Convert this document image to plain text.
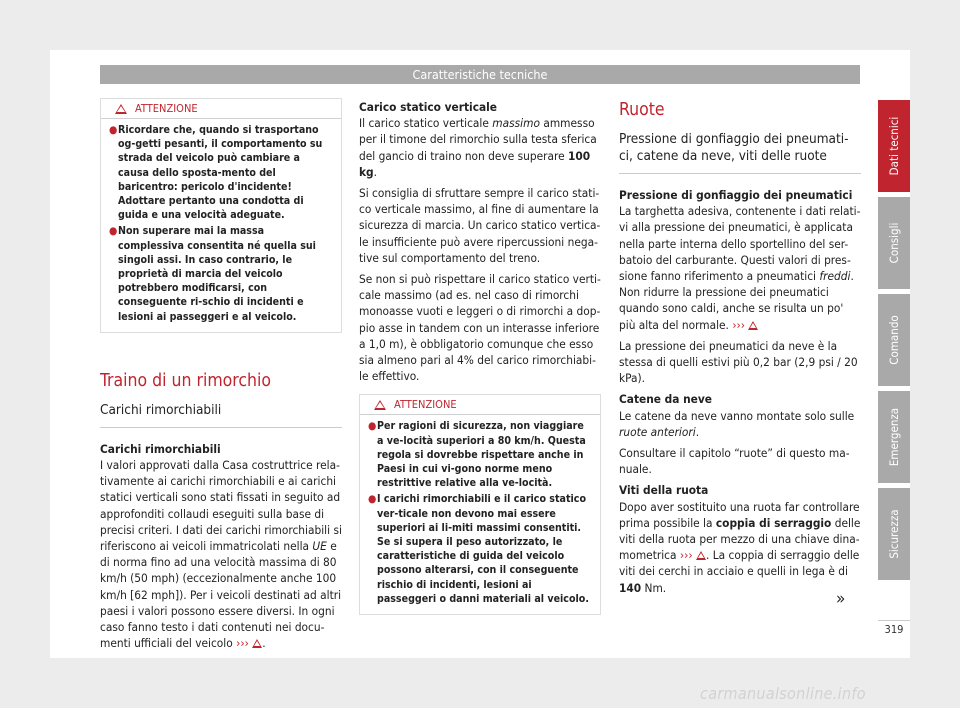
Caratteristiche tecniche
ATTENZIONE
● Ricordare che, quando si trasportano og-getti pesanti, il comportamento su strada del veicolo può cambiare a causa dello sposta-mento del baricentro: pericolo d'incidente! Adottare pertanto una condotta di guida e una velocità adeguate.
● Non superare mai la massa complessiva consentita né quella sui singoli assi. In caso contrario, le proprietà di marcia del veicolo potrebbero modificarsi, con conseguente ri-schio di incidenti e lesioni ai passeggeri e al veicolo.
Traino di un rimorchio
Carichi rimorchiabili
Carichi rimorchiabili

I valori approvati dalla Casa costruttrice rela-tivamente ai carichi rimorchiabili e ai carichi statici verticali sono stati fissati in seguito ad approfonditi collaudi eseguiti sulla base di precisi criteri. I dati dei carichi rimorchiabili si riferiscono ai veicoli immatricolati nella UE e di norma fino ad una velocità massima di 80 km/h (50 mph) (eccezionalmente anche 100 km/h [62 mph]). Per i veicoli destinati ad altri paesi i valori possono essere diversi. In ogni caso fanno testo i dati contenuti nei docu-menti ufficiali del veicolo ››› .

Carico statico verticale

Il carico statico verticale massimo ammesso per il timone del rimorchio sulla testa sferica del gancio di traino non deve superare 100 kg.

Si consiglia di sfruttare sempre il carico stati-co verticale massimo, al fine di aumentare la sicurezza di marcia. Un carico statico vertica-le insufficiente può avere ripercussioni nega-tive sul comportamento del treno.

Se non si può rispettare il carico statico verti-cale massimo (ad es. nel caso di rimorchi monoasse vuoti e leggeri o di rimorchi a dop-pio asse in tandem con un interasse inferiore a 1,0 m), è obbligatorio comunque che esso sia almeno pari al 4% del carico rimorchiabi-le effettivo.

ATTENZIONE
● Per ragioni di sicurezza, non viaggiare a ve-locità superiori a 80 km/h. Questa regola si dovrebbe rispettare anche in Paesi in cui vi-gono norme meno restrittive relative alla ve-locità.
● I carichi rimorchiabili e il carico statico ver-ticale non devono mai essere superiori ai li-miti massimi consentiti. Se si supera il peso autorizzato, le caratteristiche di guida del veicolo possono alterarsi, con il conseguente rischio di incidenti, lesioni ai passeggeri o danni materiali al veicolo.
Ruote
Pressione di gonfiaggio dei pneumati-ci, catene da neve, viti delle ruote
Pressione di gonfiaggio dei pneumatici

La targhetta adesiva, contenente i dati relati-vi alla pressione dei pneumatici, è applicata nella parte interna dello sportellino del ser-batoio del carburante. Questi valori di pres-sione fanno riferimento a pneumatici freddi. Non ridurre la pressione dei pneumatici quando sono caldi, anche se risulta un po' più alta del normale. ›››

La pressione dei pneumatici da neve è la stessa di quelli estivi più 0,2 bar (2,9 psi / 20 kPa).

Catene da neve

Le catene da neve vanno montate solo sulle ruote anteriori.

Consultare il capitolo “ruote” di questo ma-nuale.

Viti della ruota

Dopo aver sostituito una ruota far controllare prima possibile la coppia di serraggio delle viti della ruota per mezzo di una chiave dina-mometrica ››› . La coppia di serraggio delle viti dei cerchi in acciaio e quelli in lega è di 140 Nm.

»
Dati tecnici
Consigli
Comando
Emergenza
Sicurezza
319
carmanualsonline.info
